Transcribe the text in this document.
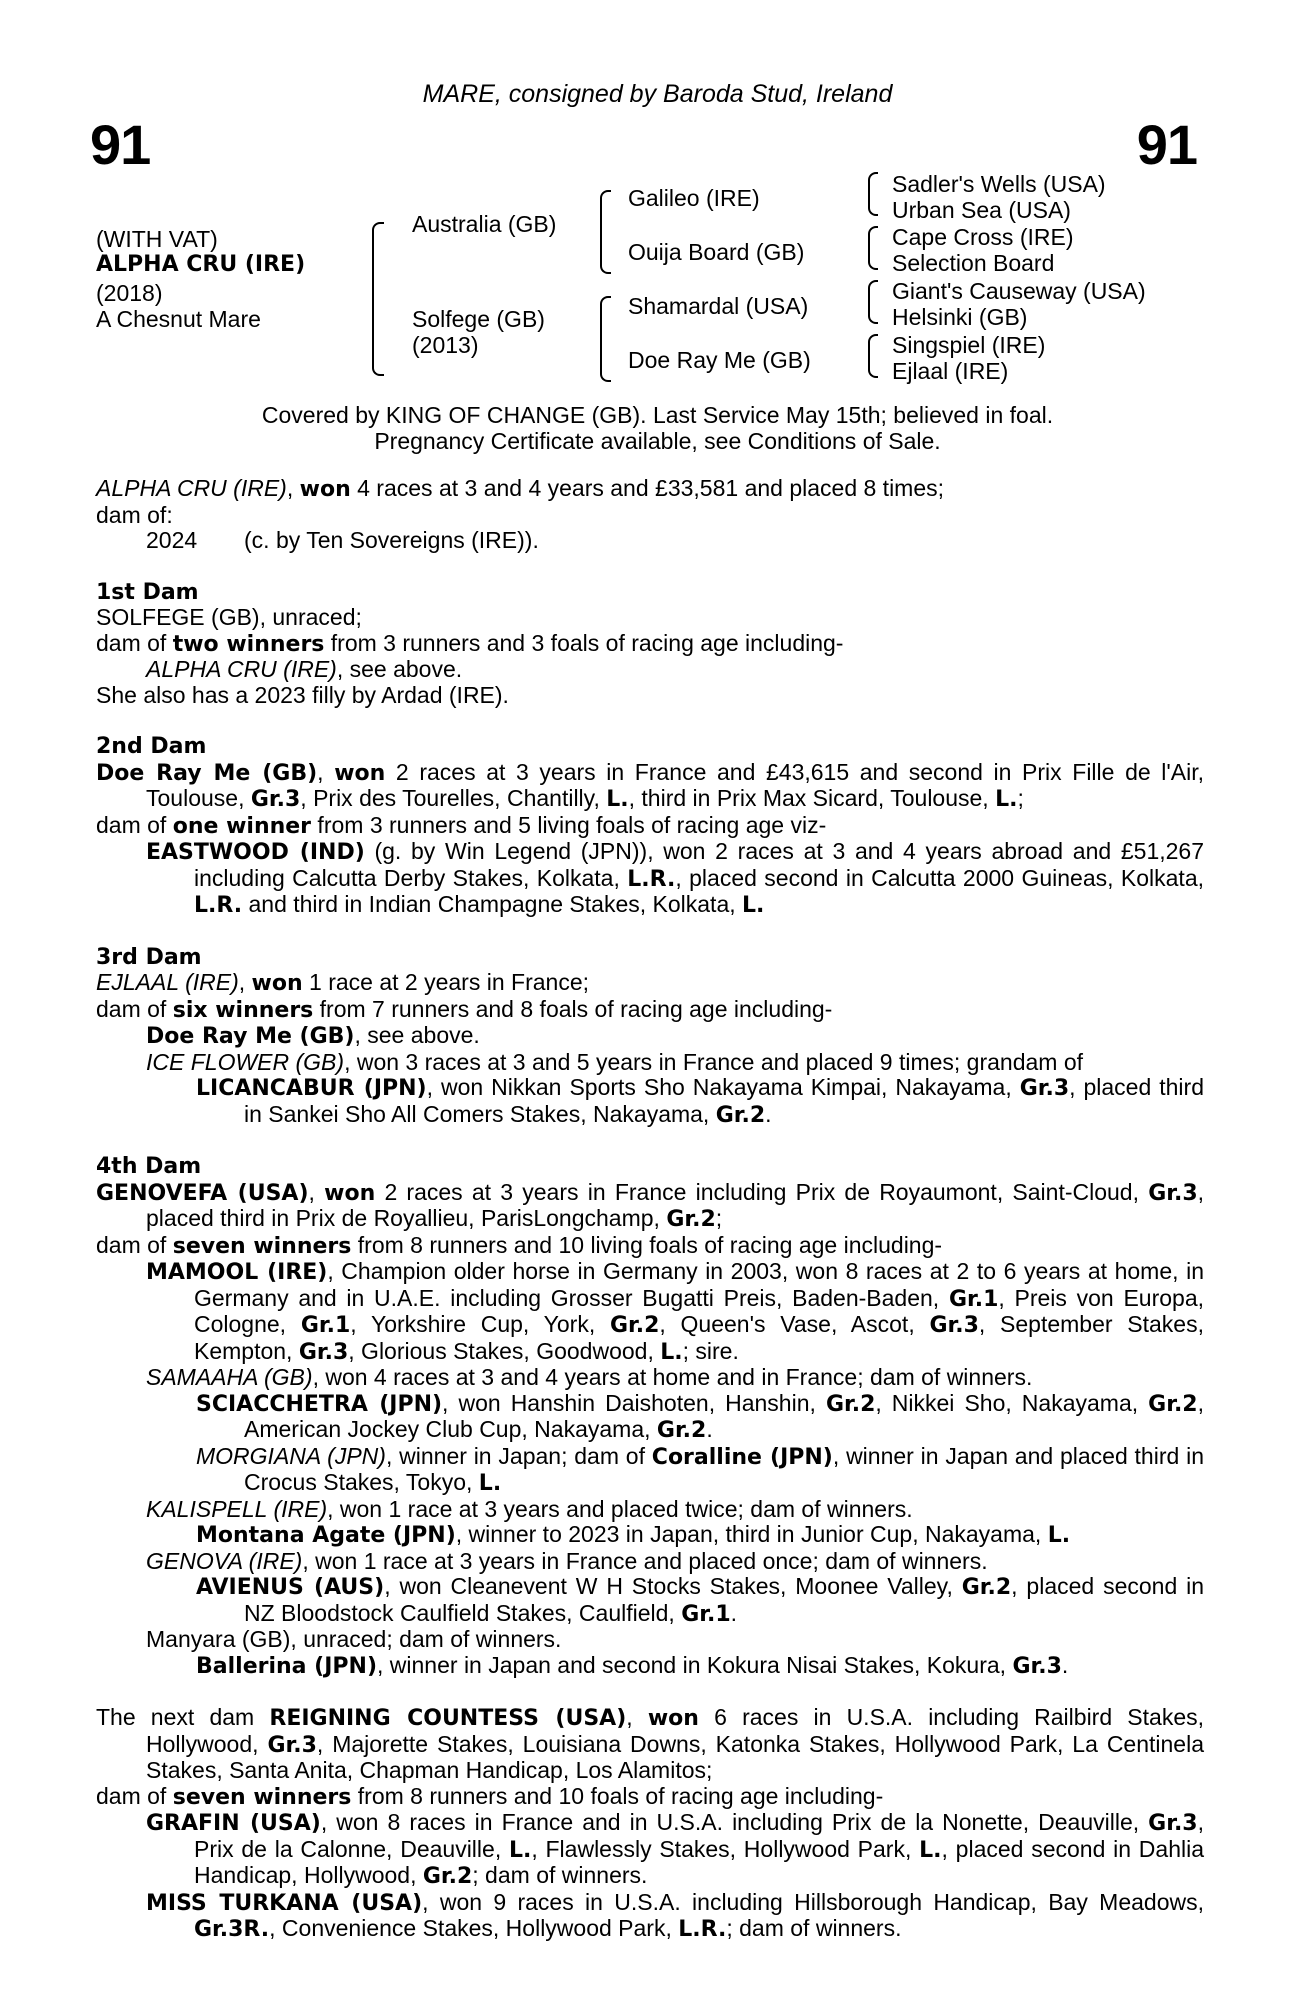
91
MARE, consigned by Baroda Stud, Ireland
91
(WITH VAT)
ALPHA CRU (IRE)
(2018)
A Chesnut Mare
Australia (GB)
Solfege (GB)
(2013)
Galileo (IRE)
Ouija Board (GB)
Shamardal (USA)
Doe Ray Me (GB)
Sadler's Wells (USA)
Urban Sea (USA)
Cape Cross (IRE)
Selection Board
Giant's Causeway (USA)
Helsinki (GB)
Singspiel (IRE)
Ejlaal (IRE)
Covered by KING OF CHANGE (GB). Last Service May 15th; believed in foal.
Pregnancy Certificate available, see Conditions of Sale.

ALPHA CRU (IRE), won 4 races at 3 and 4 years and £33,581 and placed 8 times;

dam of:

2024 (c. by Ten Sovereigns (IRE)).

1st Dam

SOLFEGE (GB), unraced;

dam of two winners from 3 runners and 3 foals of racing age including-

ALPHA CRU (IRE), see above.

She also has a 2023 filly by Ardad (IRE).

2nd Dam

Doe Ray Me (GB), won 2 races at 3 years in France and £43,615 and second in Prix Fille de l'Air, Toulouse, Gr.3, Prix des Tourelles, Chantilly, L., third in Prix Max Sicard, Toulouse, L.;

dam of one winner from 3 runners and 5 living foals of racing age viz-

EASTWOOD (IND) (g. by Win Legend (JPN)), won 2 races at 3 and 4 years abroad and £51,267 including Calcutta Derby Stakes, Kolkata, L.R., placed second in Calcutta 2000 Guineas, Kolkata, L.R. and third in Indian Champagne Stakes, Kolkata, L.

3rd Dam

EJLAAL (IRE), won 1 race at 2 years in France;

dam of six winners from 7 runners and 8 foals of racing age including-

Doe Ray Me (GB), see above.

ICE FLOWER (GB), won 3 races at 3 and 5 years in France and placed 9 times; grandam of

LICANCABUR (JPN), won Nikkan Sports Sho Nakayama Kimpai, Nakayama, Gr.3, placed third in Sankei Sho All Comers Stakes, Nakayama, Gr.2.

4th Dam

GENOVEFA (USA), won 2 races at 3 years in France including Prix de Royaumont, Saint-Cloud, Gr.3, placed third in Prix de Royallieu, ParisLongchamp, Gr.2;

dam of seven winners from 8 runners and 10 living foals of racing age including-

MAMOOL (IRE), Champion older horse in Germany in 2003, won 8 races at 2 to 6 years at home, in Germany and in U.A.E. including Grosser Bugatti Preis, Baden-Baden, Gr.1, Preis von Europa, Cologne, Gr.1, Yorkshire Cup, York, Gr.2, Queen's Vase, Ascot, Gr.3, September Stakes, Kempton, Gr.3, Glorious Stakes, Goodwood, L.; sire.

SAMAAHA (GB), won 4 races at 3 and 4 years at home and in France; dam of winners.

SCIACCHETRA (JPN), won Hanshin Daishoten, Hanshin, Gr.2, Nikkei Sho, Nakayama, Gr.2, American Jockey Club Cup, Nakayama, Gr.2.

MORGIANA (JPN), winner in Japan; dam of Coralline (JPN), winner in Japan and placed third in Crocus Stakes, Tokyo, L.

KALISPELL (IRE), won 1 race at 3 years and placed twice; dam of winners.

Montana Agate (JPN), winner to 2023 in Japan, third in Junior Cup, Nakayama, L.

GENOVA (IRE), won 1 race at 3 years in France and placed once; dam of winners.

AVIENUS (AUS), won Cleanevent W H Stocks Stakes, Moonee Valley, Gr.2, placed second in NZ Bloodstock Caulfield Stakes, Caulfield, Gr.1.

Manyara (GB), unraced; dam of winners.

Ballerina (JPN), winner in Japan and second in Kokura Nisai Stakes, Kokura, Gr.3.

The next dam REIGNING COUNTESS (USA), won 6 races in U.S.A. including Railbird Stakes, Hollywood, Gr.3, Majorette Stakes, Louisiana Downs, Katonka Stakes, Hollywood Park, La Centinela Stakes, Santa Anita, Chapman Handicap, Los Alamitos;

dam of seven winners from 8 runners and 10 foals of racing age including-

GRAFIN (USA), won 8 races in France and in U.S.A. including Prix de la Nonette, Deauville, Gr.3, Prix de la Calonne, Deauville, L., Flawlessly Stakes, Hollywood Park, L., placed second in Dahlia Handicap, Hollywood, Gr.2; dam of winners.

MISS TURKANA (USA), won 9 races in U.S.A. including Hillsborough Handicap, Bay Meadows, Gr.3R., Convenience Stakes, Hollywood Park, L.R.; dam of winners.
